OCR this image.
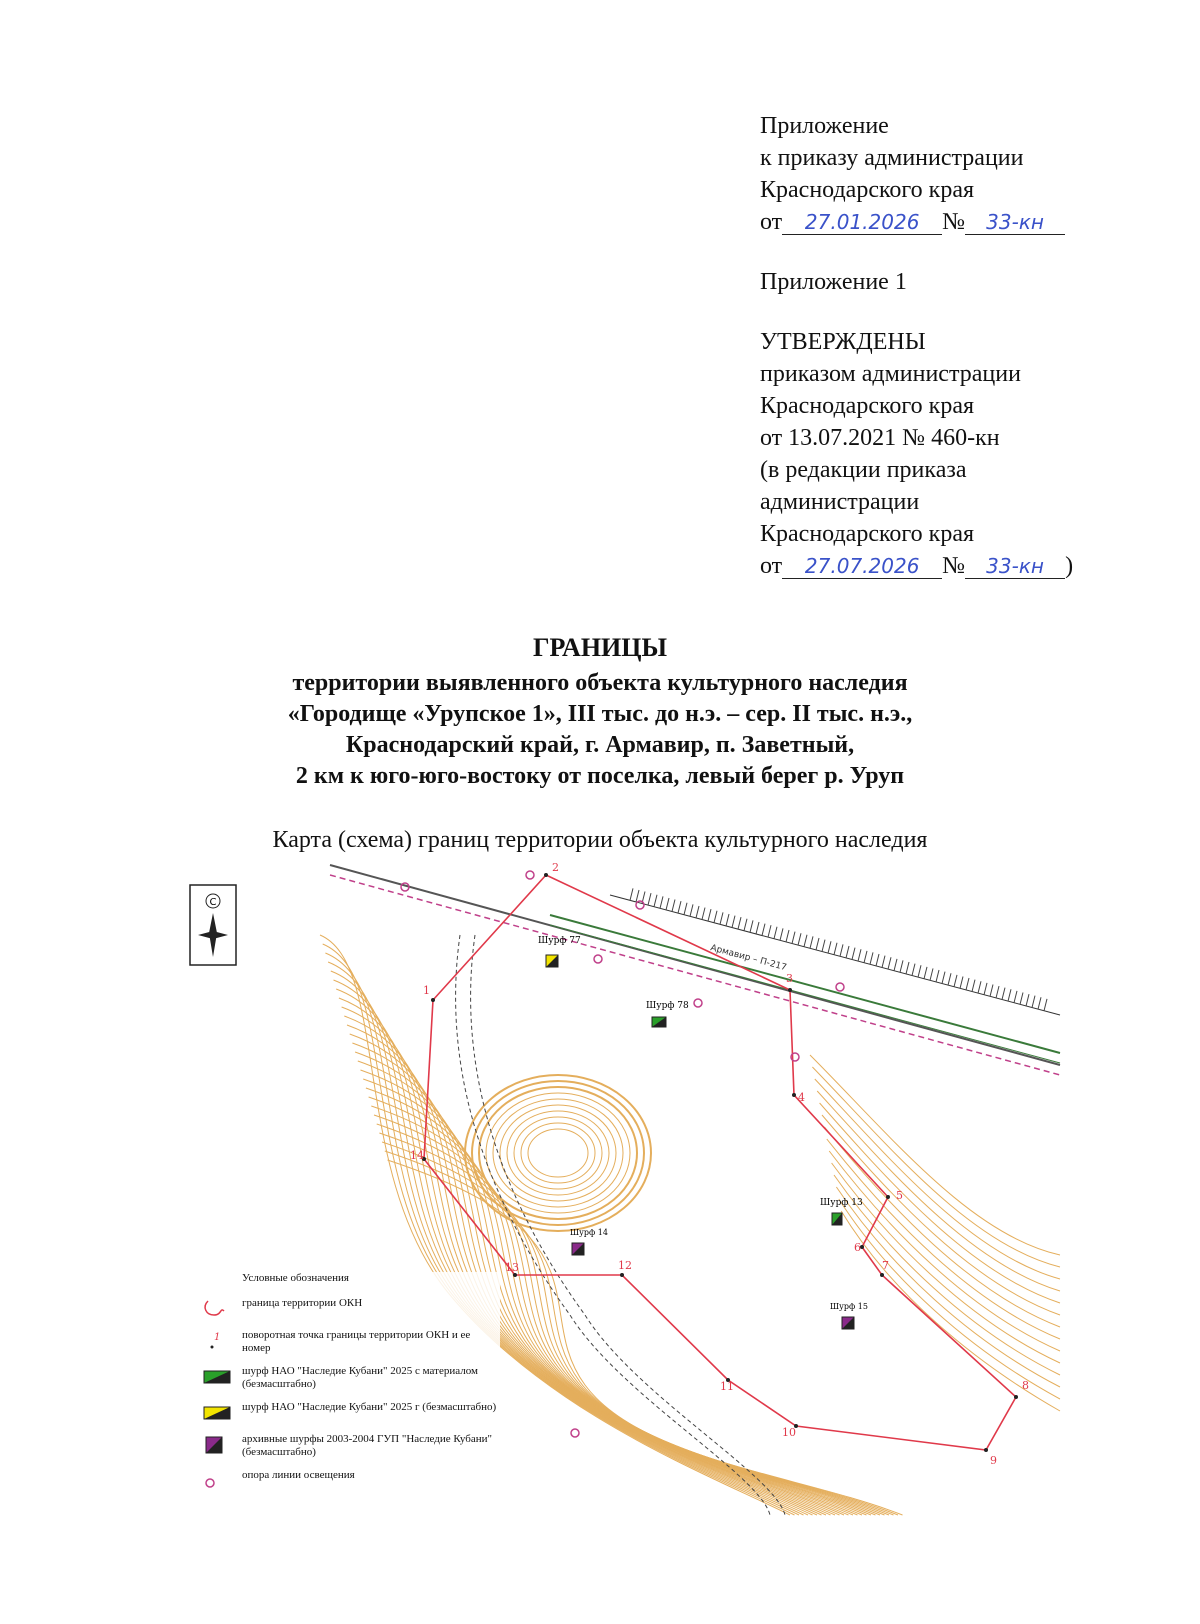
Приложение

к приказу администрации

Краснодарского края

от 27.01.2026 № 33-кн

Приложение 1

УТВЕРЖДЕНЫ

приказом администрации

Краснодарского края

от 13.07.2021 № 460-кн

(в редакции приказа

администрации

Краснодарского края

от 27.07.2026 № 33-кн )

ГРАНИЦЫ

территории выявленного объекта культурного наследия

«Городище «Урупское 1», III тыс. до н.э. – сер. II тыс. н.э.,

Краснодарский край, г. Армавир, п. Заветный,

2 км к юго-юго-востоку от поселка, левый берег р. Уруп

Карта (схема) границ территории объекта культурного наследия
С
Армавир – П-217
1
2
3
4
5
6
7
8
9
10
11
12
13
14
Шурф 77
Шурф 78
Шурф 13
Шурф 14
Шурф 15
Условные обозначения
граница территории ОКН
1 поворотная точка границы территории ОКН и ее номер
шурф НАО "Наследие Кубани" 2025 с материалом (безмасштабно)
шурф НАО "Наследие Кубани" 2025 г (безмасштабно)
архивные шурфы 2003-2004 ГУП "Наследие Кубани" (безмасштабно)
опора линии освещения
